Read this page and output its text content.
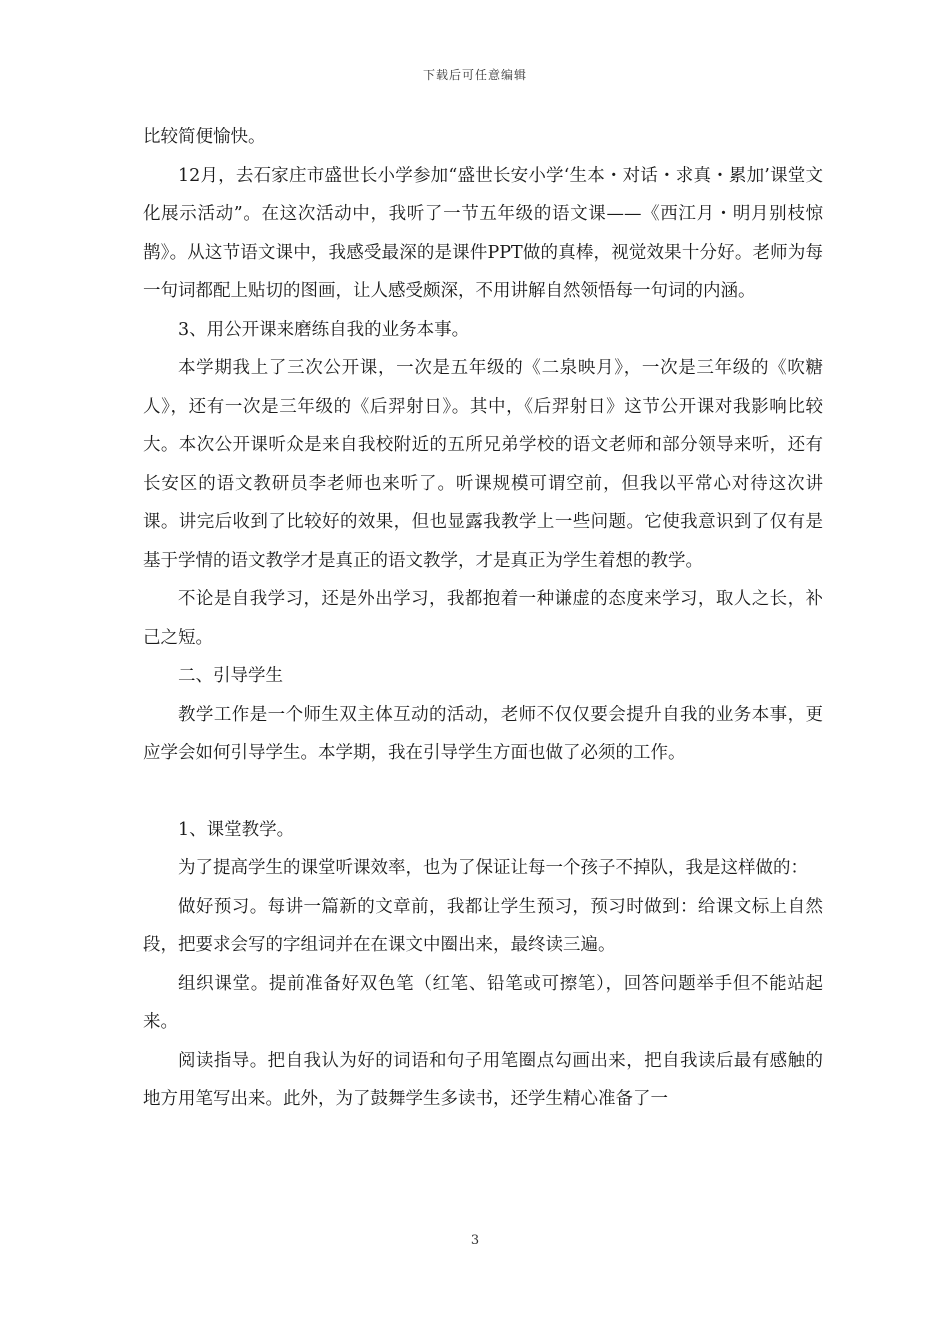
下载后可任意编辑

比较简便愉快。

12月，去石家庄市盛世长小学参加“盛世长安小学‘生本・对话・求真・累加’课堂文化展示活动”。在这次活动中，我听了一节五年级的语文课——《西江月・明月别枝惊鹊》。从这节语文课中，我感受最深的是课件PPT做的真棒，视觉效果十分好。老师为每一句词都配上贴切的图画，让人感受颇深，不用讲解自然领悟每一句词的内涵。

3、用公开课来磨练自我的业务本事。

本学期我上了三次公开课，一次是五年级的《二泉映月》，一次是三年级的《吹糖人》，还有一次是三年级的《后羿射日》。其中，《后羿射日》这节公开课对我影响比较大。本次公开课听众是来自我校附近的五所兄弟学校的语文老师和部分领导来听，还有长安区的语文教研员李老师也来听了。听课规模可谓空前，但我以平常心对待这次讲课。讲完后收到了比较好的效果，但也显露我教学上一些问题。它使我意识到了仅有是基于学情的语文教学才是真正的语文教学，才是真正为学生着想的教学。

不论是自我学习，还是外出学习，我都抱着一种谦虚的态度来学习，取人之长，补己之短。

二、引导学生

教学工作是一个师生双主体互动的活动，老师不仅仅要会提升自我的业务本事，更应学会如何引导学生。本学期，我在引导学生方面也做了必须的工作。

1、课堂教学。

为了提高学生的课堂听课效率，也为了保证让每一个孩子不掉队，我是这样做的：

做好预习。每讲一篇新的文章前，我都让学生预习，预习时做到：给课文标上自然段，把要求会写的字组词并在在课文中圈出来，最终读三遍。

组织课堂。提前准备好双色笔（红笔、铅笔或可擦笔），回答问题举手但不能站起来。

阅读指导。把自我认为好的词语和句子用笔圈点勾画出来，把自我读后最有感触的地方用笔写出来。此外，为了鼓舞学生多读书，还学生精心准备了一

3
